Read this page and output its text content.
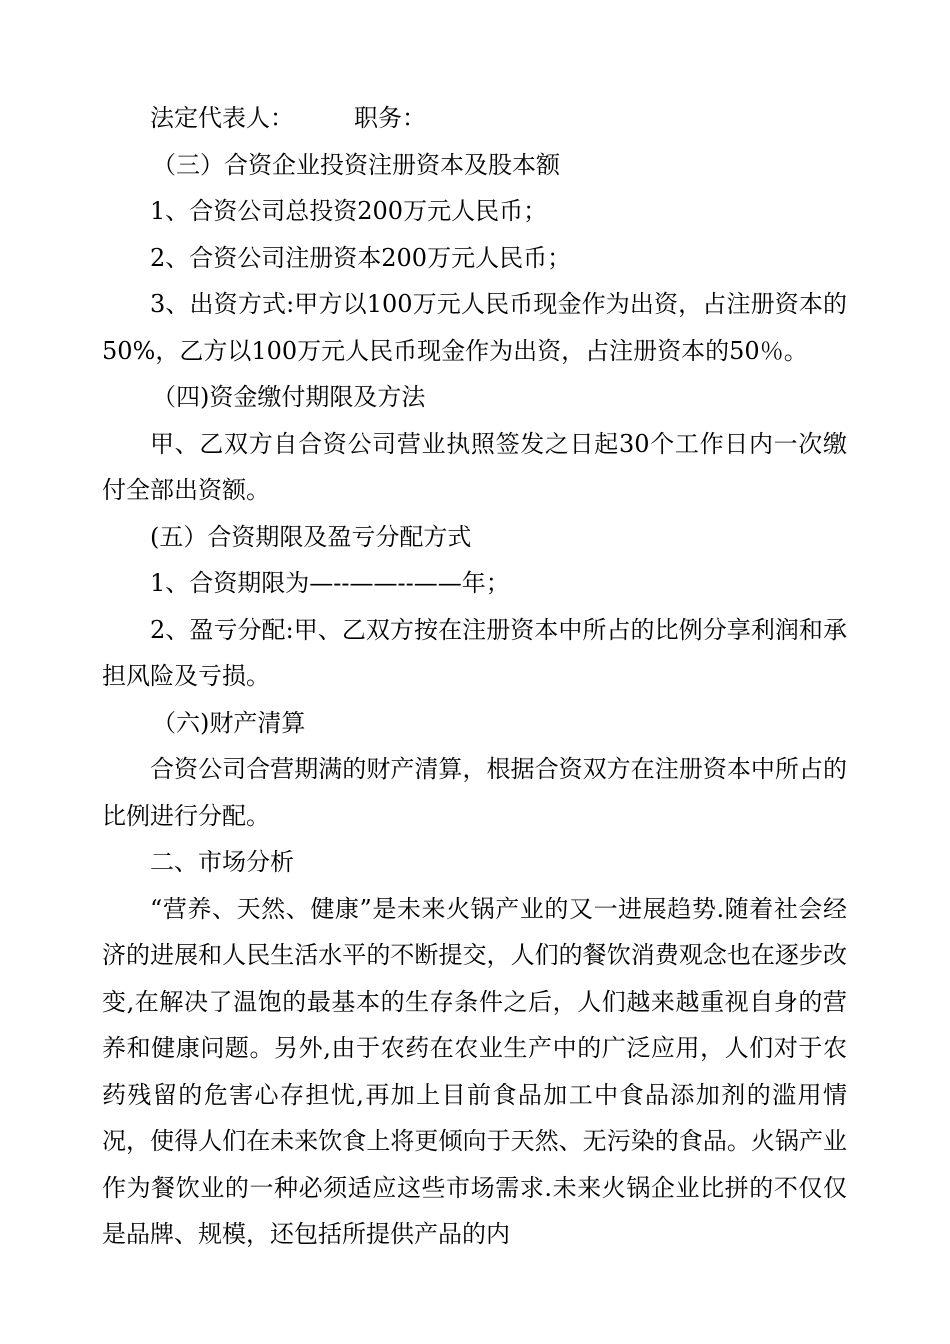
法定代表人：	职务：

（三）合资企业投资注册资本及股本额

1、合资公司总投资200万元人民币；

2、合资公司注册资本200万元人民币；

3、出资方式:甲方以100万元人民币现金作为出资，占注册资本的50%，乙方以100万元人民币现金作为出资，占注册资本的50％。

（四)资金缴付期限及方法

甲、乙双方自合资公司营业执照签发之日起30个工作日内一次缴付全部出资额。

(五）合资期限及盈亏分配方式

1、合资期限为—--——--——年；

2、盈亏分配:甲、乙双方按在注册资本中所占的比例分享利润和承担风险及亏损。

（六)财产清算

合资公司合营期满的财产清算，根据合资双方在注册资本中所占的比例进行分配。

二、市场分析

“营养、天然、健康”是未来火锅产业的又一进展趋势.随着社会经济的进展和人民生活水平的不断提交，人们的餐饮消费观念也在逐步改变,在解决了温饱的最基本的生存条件之后，人们越来越重视自身的营养和健康问题。另外,由于农药在农业生产中的广泛应用，人们对于农药残留的危害心存担忧,再加上目前食品加工中食品添加剂的滥用情况，使得人们在未来饮食上将更倾向于天然、无污染的食品。火锅产业作为餐饮业的一种必须适应这些市场需求.未来火锅企业比拼的不仅仅是品牌、规模，还包括所提供产品的内
